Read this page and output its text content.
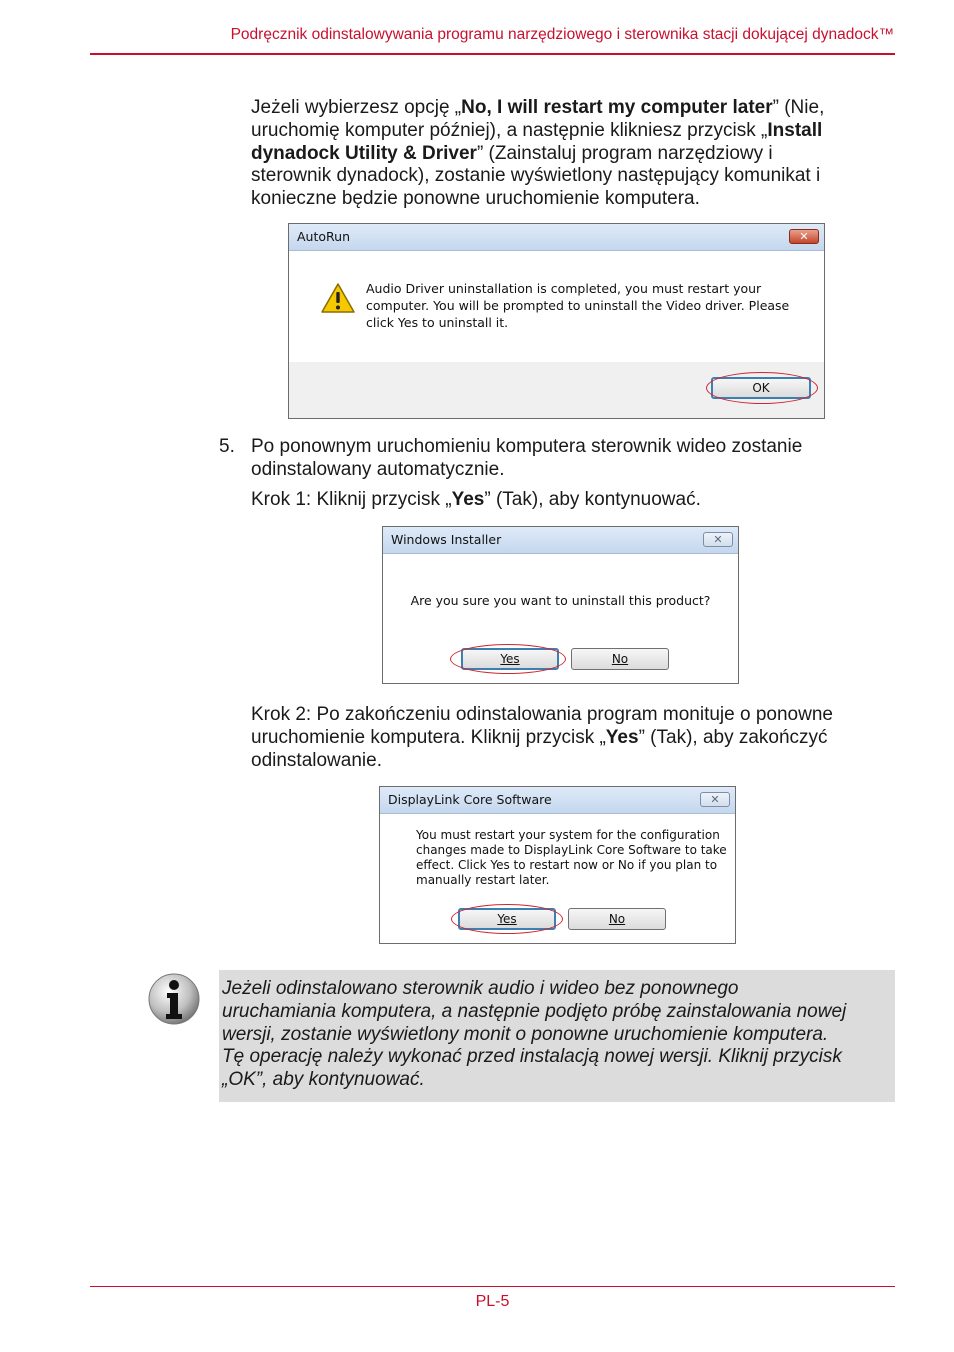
Podręcznik odinstalowywania programu narzędziowego i sterownika stacji dokującej dynadock™
Jeżeli wybierzesz opcję „No, I will restart my computer later” (Nie,
uruchomię komputer później), a następnie klikniesz przycisk „Install
dynadock Utility & Driver” (Zainstaluj program narzędziowy i
sterownik dynadock), zostanie wyświetlony następujący komunikat i
konieczne będzie ponowne uruchomienie komputera.
AutoRun	✕
Audio Driver uninstallation is completed, you must restart your
computer. You will be prompted to uninstall the Video driver. Please
click Yes to uninstall it.
OK
5. Po ponownym uruchomieniu komputera sterownik wideo zostanie
odinstalowany automatycznie.
Krok 1: Kliknij przycisk „Yes” (Tak), aby kontynuować.
Windows Installer	✕
Are you sure you want to uninstall this product?
Yes	No
Krok 2: Po zakończeniu odinstalowania program monituje o ponowne
uruchomienie komputera. Kliknij przycisk „Yes” (Tak), aby zakończyć
odinstalowanie.
DisplayLink Core Software	✕
You must restart your system for the configuration
changes made to DisplayLink Core Software to take
effect. Click Yes to restart now or No if you plan to
manually restart later.
Yes	No
Jeżeli odinstalowano sterownik audio i wideo bez ponownego
uruchamiania komputera, a następnie podjęto próbę zainstalowania nowej
wersji, zostanie wyświetlony monit o ponowne uruchomienie komputera.
Tę operację należy wykonać przed instalacją nowej wersji. Kliknij przycisk
„OK”, aby kontynuować.
PL-5
